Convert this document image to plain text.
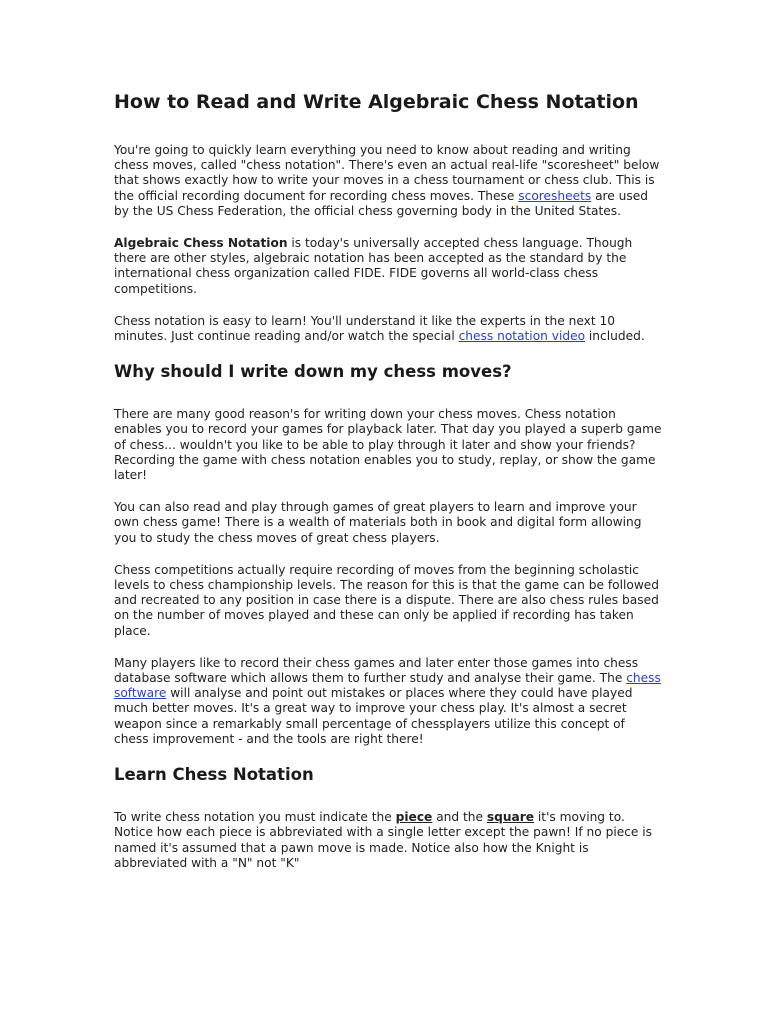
How to Read and Write Algebraic Chess Notation

You're going to quickly learn everything you need to know about reading and writing chess moves, called "chess notation". There's even an actual real-life "scoresheet" below that shows exactly how to write your moves in a chess tournament or chess club. This is the official recording document for recording chess moves. These scoresheets are used by the US Chess Federation, the official chess governing body in the United States.

Algebraic Chess Notation is today's universally accepted chess language. Though there are other styles, algebraic notation has been accepted as the standard by the international chess organization called FIDE. FIDE governs all world-class chess competitions.

Chess notation is easy to learn! You'll understand it like the experts in the next 10 minutes. Just continue reading and/or watch the special chess notation video included.

Why should I write down my chess moves?

There are many good reason's for writing down your chess moves. Chess notation enables you to record your games for playback later. That day you played a superb game of chess... wouldn't you like to be able to play through it later and show your friends? Recording the game with chess notation enables you to study, replay, or show the game later!

You can also read and play through games of great players to learn and improve your own chess game! There is a wealth of materials both in book and digital form allowing you to study the chess moves of great chess players.

Chess competitions actually require recording of moves from the beginning scholastic levels to chess championship levels. The reason for this is that the game can be followed and recreated to any position in case there is a dispute. There are also chess rules based on the number of moves played and these can only be applied if recording has taken place.

Many players like to record their chess games and later enter those games into chess database software which allows them to further study and analyse their game. The chess software will analyse and point out mistakes or places where they could have played much better moves. It's a great way to improve your chess play. It's almost a secret weapon since a remarkably small percentage of chessplayers utilize this concept of chess improvement - and the tools are right there!

Learn Chess Notation

To write chess notation you must indicate the piece and the square it's moving to. Notice how each piece is abbreviated with a single letter except the pawn! If no piece is named it's assumed that a pawn move is made. Notice also how the Knight is abbreviated with a "N" not "K"
